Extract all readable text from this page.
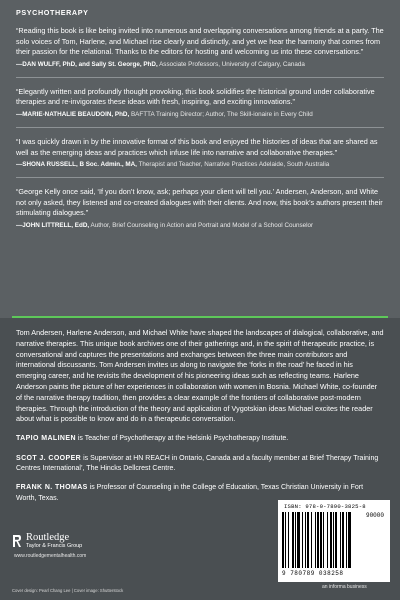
PSYCHOTHERAPY

“Reading this book is like being invited into numerous and overlapping conversations among friends at a party. The solo voices of Tom, Harlene, and Michael rise clearly and distinctly, and yet we hear the harmony that comes from their passion for the relational. Thanks to the editors for hosting and welcoming us into these conversations.”

—DAN WULFF, PhD, and Sally St. George, PhD, Associate Professors, University of Calgary, Canada

“Elegantly written and profoundly thought provoking, this book solidifies the historical ground under collaborative therapies and re-invigorates these ideas with fresh, inspiring, and exciting innovations.”

—MARIE-NATHALIE BEAUDOIN, PhD, BAFTTA Training Director; Author, The Skill-ionaire in Every Child

“I was quickly drawn in by the innovative format of this book and enjoyed the histories of ideas that are shared as well as the emerging ideas and practices which infuse life into narrative and collaborative therapies.”

—SHONA RUSSELL, B Soc. Admin., MA, Therapist and Teacher, Narrative Practices Adelaide, South Australia

“George Kelly once said, ‘If you don’t know, ask; perhaps your client will tell you.’ Andersen, Anderson, and White not only asked, they listened and co-created dialogues with their clients. And now, this book’s authors present their stimulating dialogues.”

—JOHN LITTRELL, EdD, Author, Brief Counseling in Action and Portrait and Model of a School Counselor

Tom Andersen, Harlene Anderson, and Michael White have shaped the landscapes of dialogical, collaborative, and narrative therapies. This unique book archives one of their gatherings and, in the spirit of therapeutic practice, is conversational and captures the presentations and exchanges between the three main contributors and international discussants. Tom Andersen invites us along to navigate the ‘forks in the road’ he faced in his emerging career, and he revisits the development of his pioneering ideas such as reflecting teams. Harlene Anderson paints the picture of her experiences in collaboration with women in Bosnia. Michael White, co-founder of the narrative therapy tradition, then provides a clear example of the frontiers of collaborative post-modern therapies. Through the introduction of the theory and application of Vygotskian ideas Michael excites the reader about what is possible to know and do in a therapeutic conversation.

TAPIO MALINEN is Teacher of Psychotherapy at the Helsinki Psychotherapy Institute.

SCOT J. COOPER is Supervisor at HN REACH in Ontario, Canada and a faculty member at Brief Therapy Training Centres International’, The Hincks Dellcrest Centre.

FRANK N. THOMAS is Professor of Counseling in the College of Education, Texas Christian University in Fort Worth, Texas.

Routledge
Taylor & Francis Group
www.routledgementalhealth.com
Cover design: Pearl Chang Lee | Cover image: Shutterstock
ISBN: 978-0-7890-3825-8
90000
9 780789 038258
an informa business
